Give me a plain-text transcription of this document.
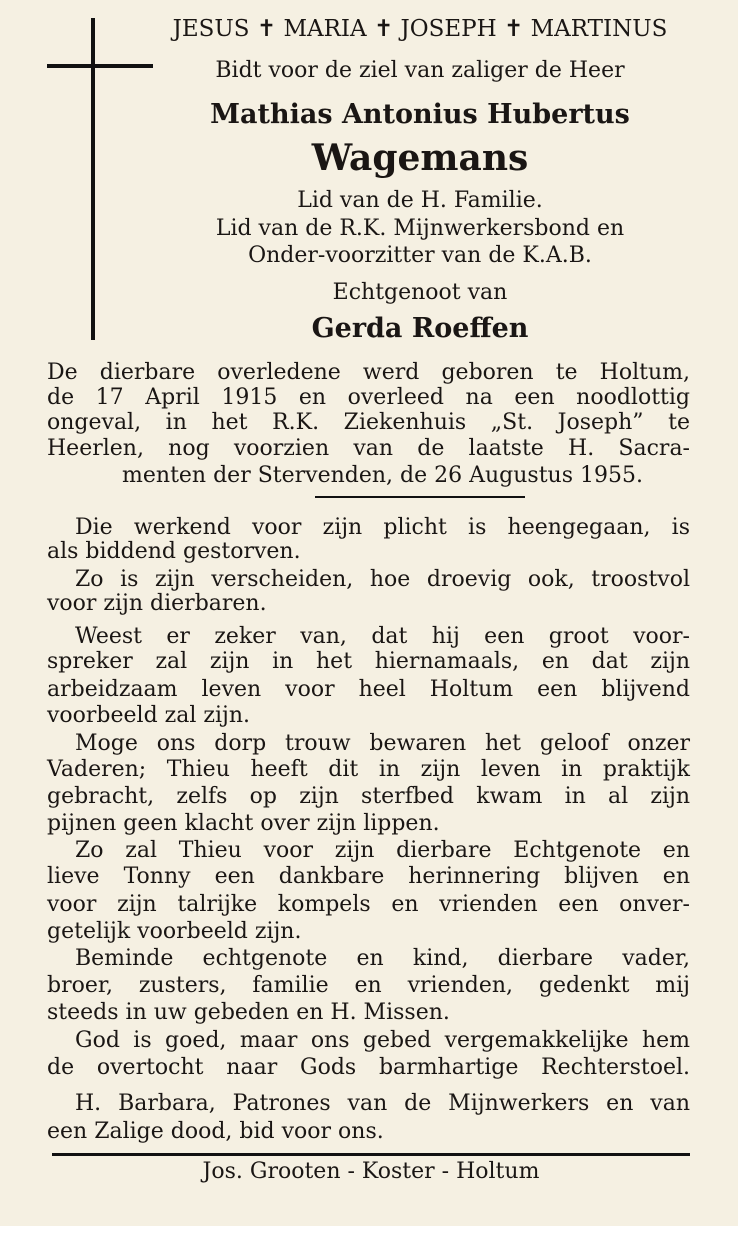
JESUS ✝ MARIA ✝ JOSEPH ✝ MARTINUS
Bidt voor de ziel van zaliger de Heer
Mathias Antonius Hubertus
Wagemans
Lid van de H. Familie.
Lid van de R.K. Mijnwerkersbond en
Onder-voorzitter van de K.A.B.
Echtgenoot van
Gerda Roeffen
De dierbare overledene werd geboren te Holtum,
de 17 April 1915 en overleed na een noodlottig
ongeval, in het R.K. Ziekenhuis „St. Joseph” te
Heerlen, nog voorzien van de laatste H. Sacra-
menten der Stervenden, de 26 Augustus 1955.
Die werkend voor zijn plicht is heengegaan, is
als biddend gestorven.
Zo is zijn verscheiden, hoe droevig ook, troostvol
voor zijn dierbaren.
Weest er zeker van, dat hij een groot voor-
spreker zal zijn in het hiernamaals, en dat zijn
arbeidzaam leven voor heel Holtum een blijvend
voorbeeld zal zijn.
Moge ons dorp trouw bewaren het geloof onzer
Vaderen; Thieu heeft dit in zijn leven in praktijk
gebracht, zelfs op zijn sterfbed kwam in al zijn
pijnen geen klacht over zijn lippen.
Zo zal Thieu voor zijn dierbare Echtgenote en
lieve Tonny een dankbare herinnering blijven en
voor zijn talrijke kompels en vrienden een onver-
getelijk voorbeeld zijn.
Beminde echtgenote en kind, dierbare vader,
broer, zusters, familie en vrienden, gedenkt mij
steeds in uw gebeden en H. Missen.
God is goed, maar ons gebed vergemakkelijke hem
de overtocht naar Gods barmhartige Rechterstoel.
H. Barbara, Patrones van de Mijnwerkers en van
een Zalige dood, bid voor ons.
Jos. Grooten - Koster - Holtum
